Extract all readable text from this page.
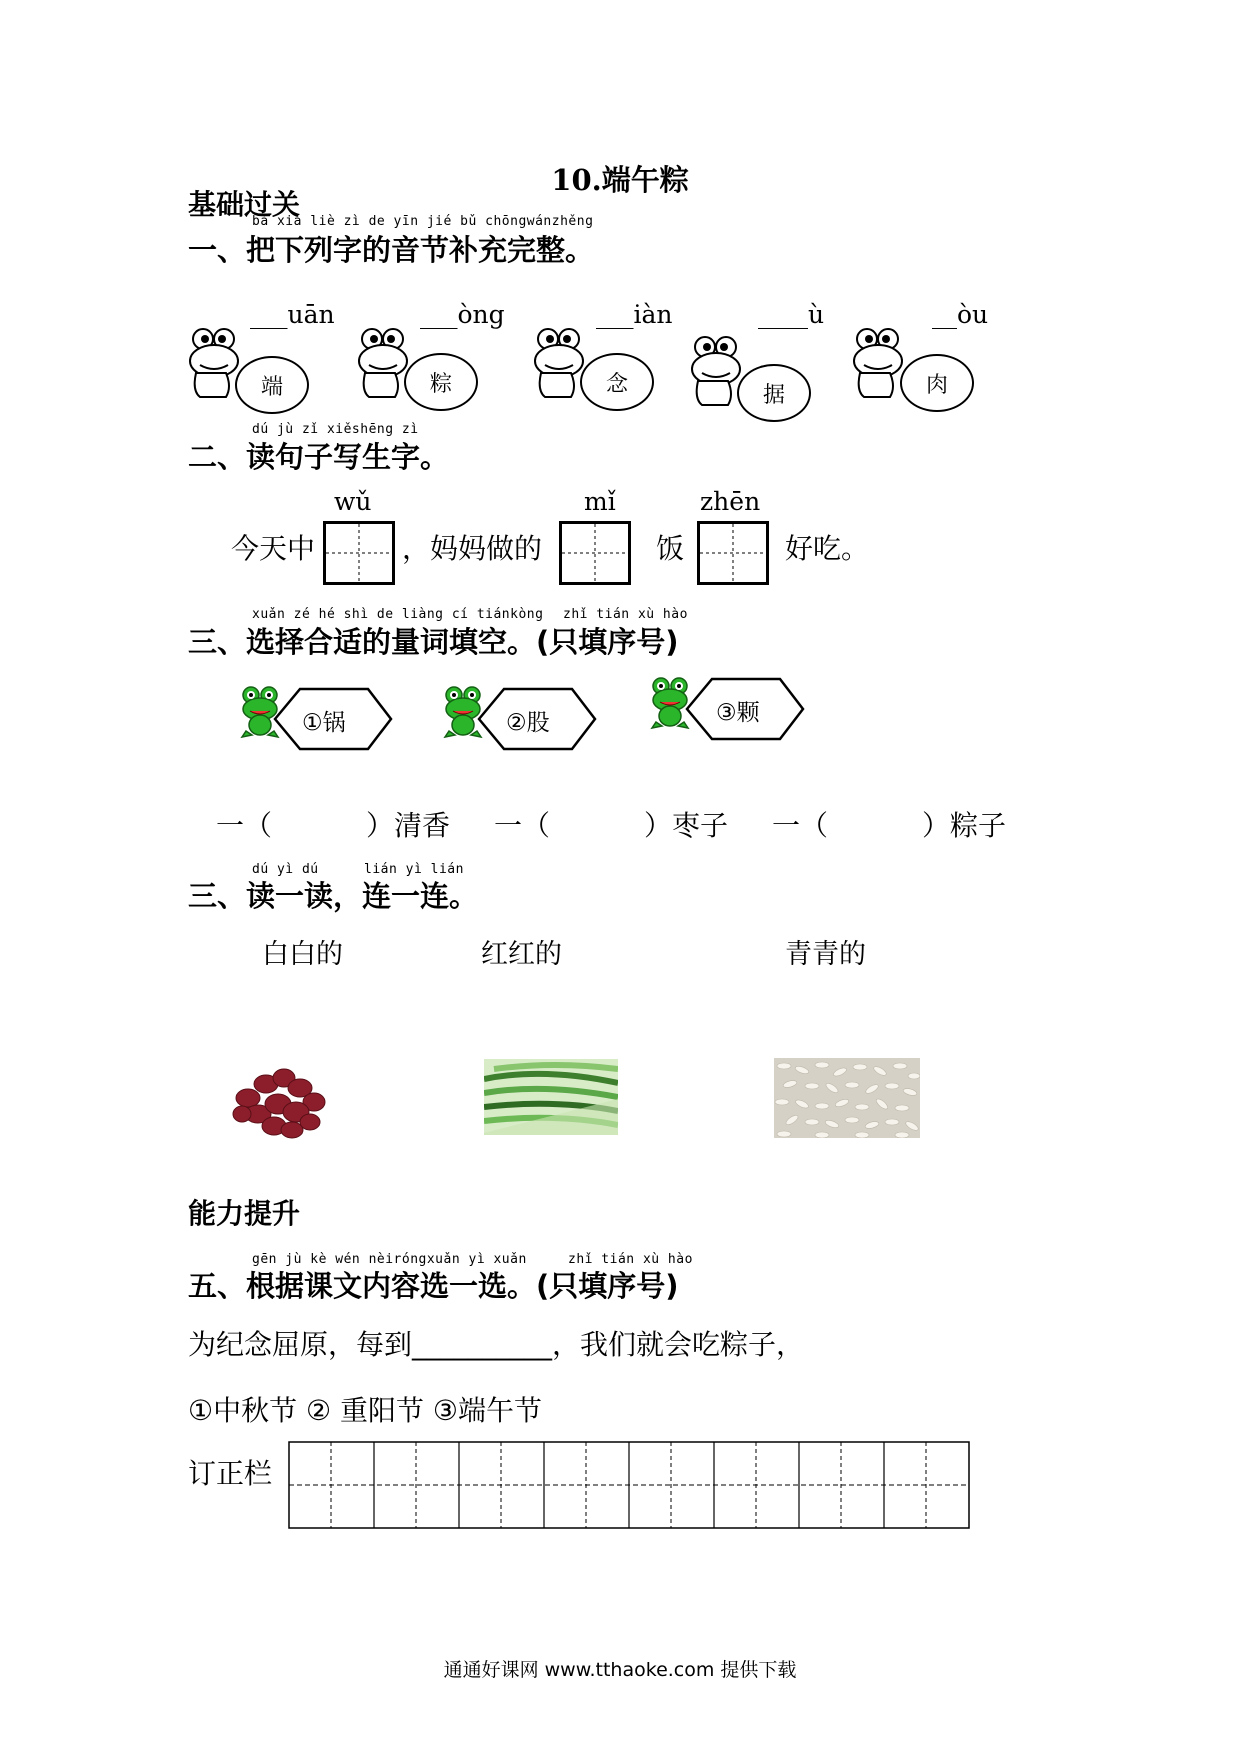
10.端午粽
基础过关
bǎ xià liè zì de yīn jié bǔ chōngwánzhěng
一、把下列字的音节补充完整。
___uān	___òng	___iàn	____ù	__òu
端	粽	念	据	肉
dú jù zǐ xiěshēng zì
二、读句子写生字。
wǔ	mǐ	zhēn
今天中	，妈妈做的	饭	好吃。
xuǎn zé hé shì de liàng cí tiánkòng zhǐ tián xù hào
三、选择合适的量词填空。(只填序号)
①锅	②股	③颗
一（	）清香 一（	）枣子 一（	）粽子
dú yì dú	lián yì lián
三、读一读，连一连。
白白的	红红的	青青的
能力提升
gēn jù kè wén nèiróngxuǎn yì xuǎn	zhǐ tián xù hào
五、根据课文内容选一选。(只填序号)
为纪念屈原，每到__________，我们就会吃粽子，
①中秋节 ② 重阳节 ③端午节
订正栏
通通好课网 www.tthaoke.com 提供下载
